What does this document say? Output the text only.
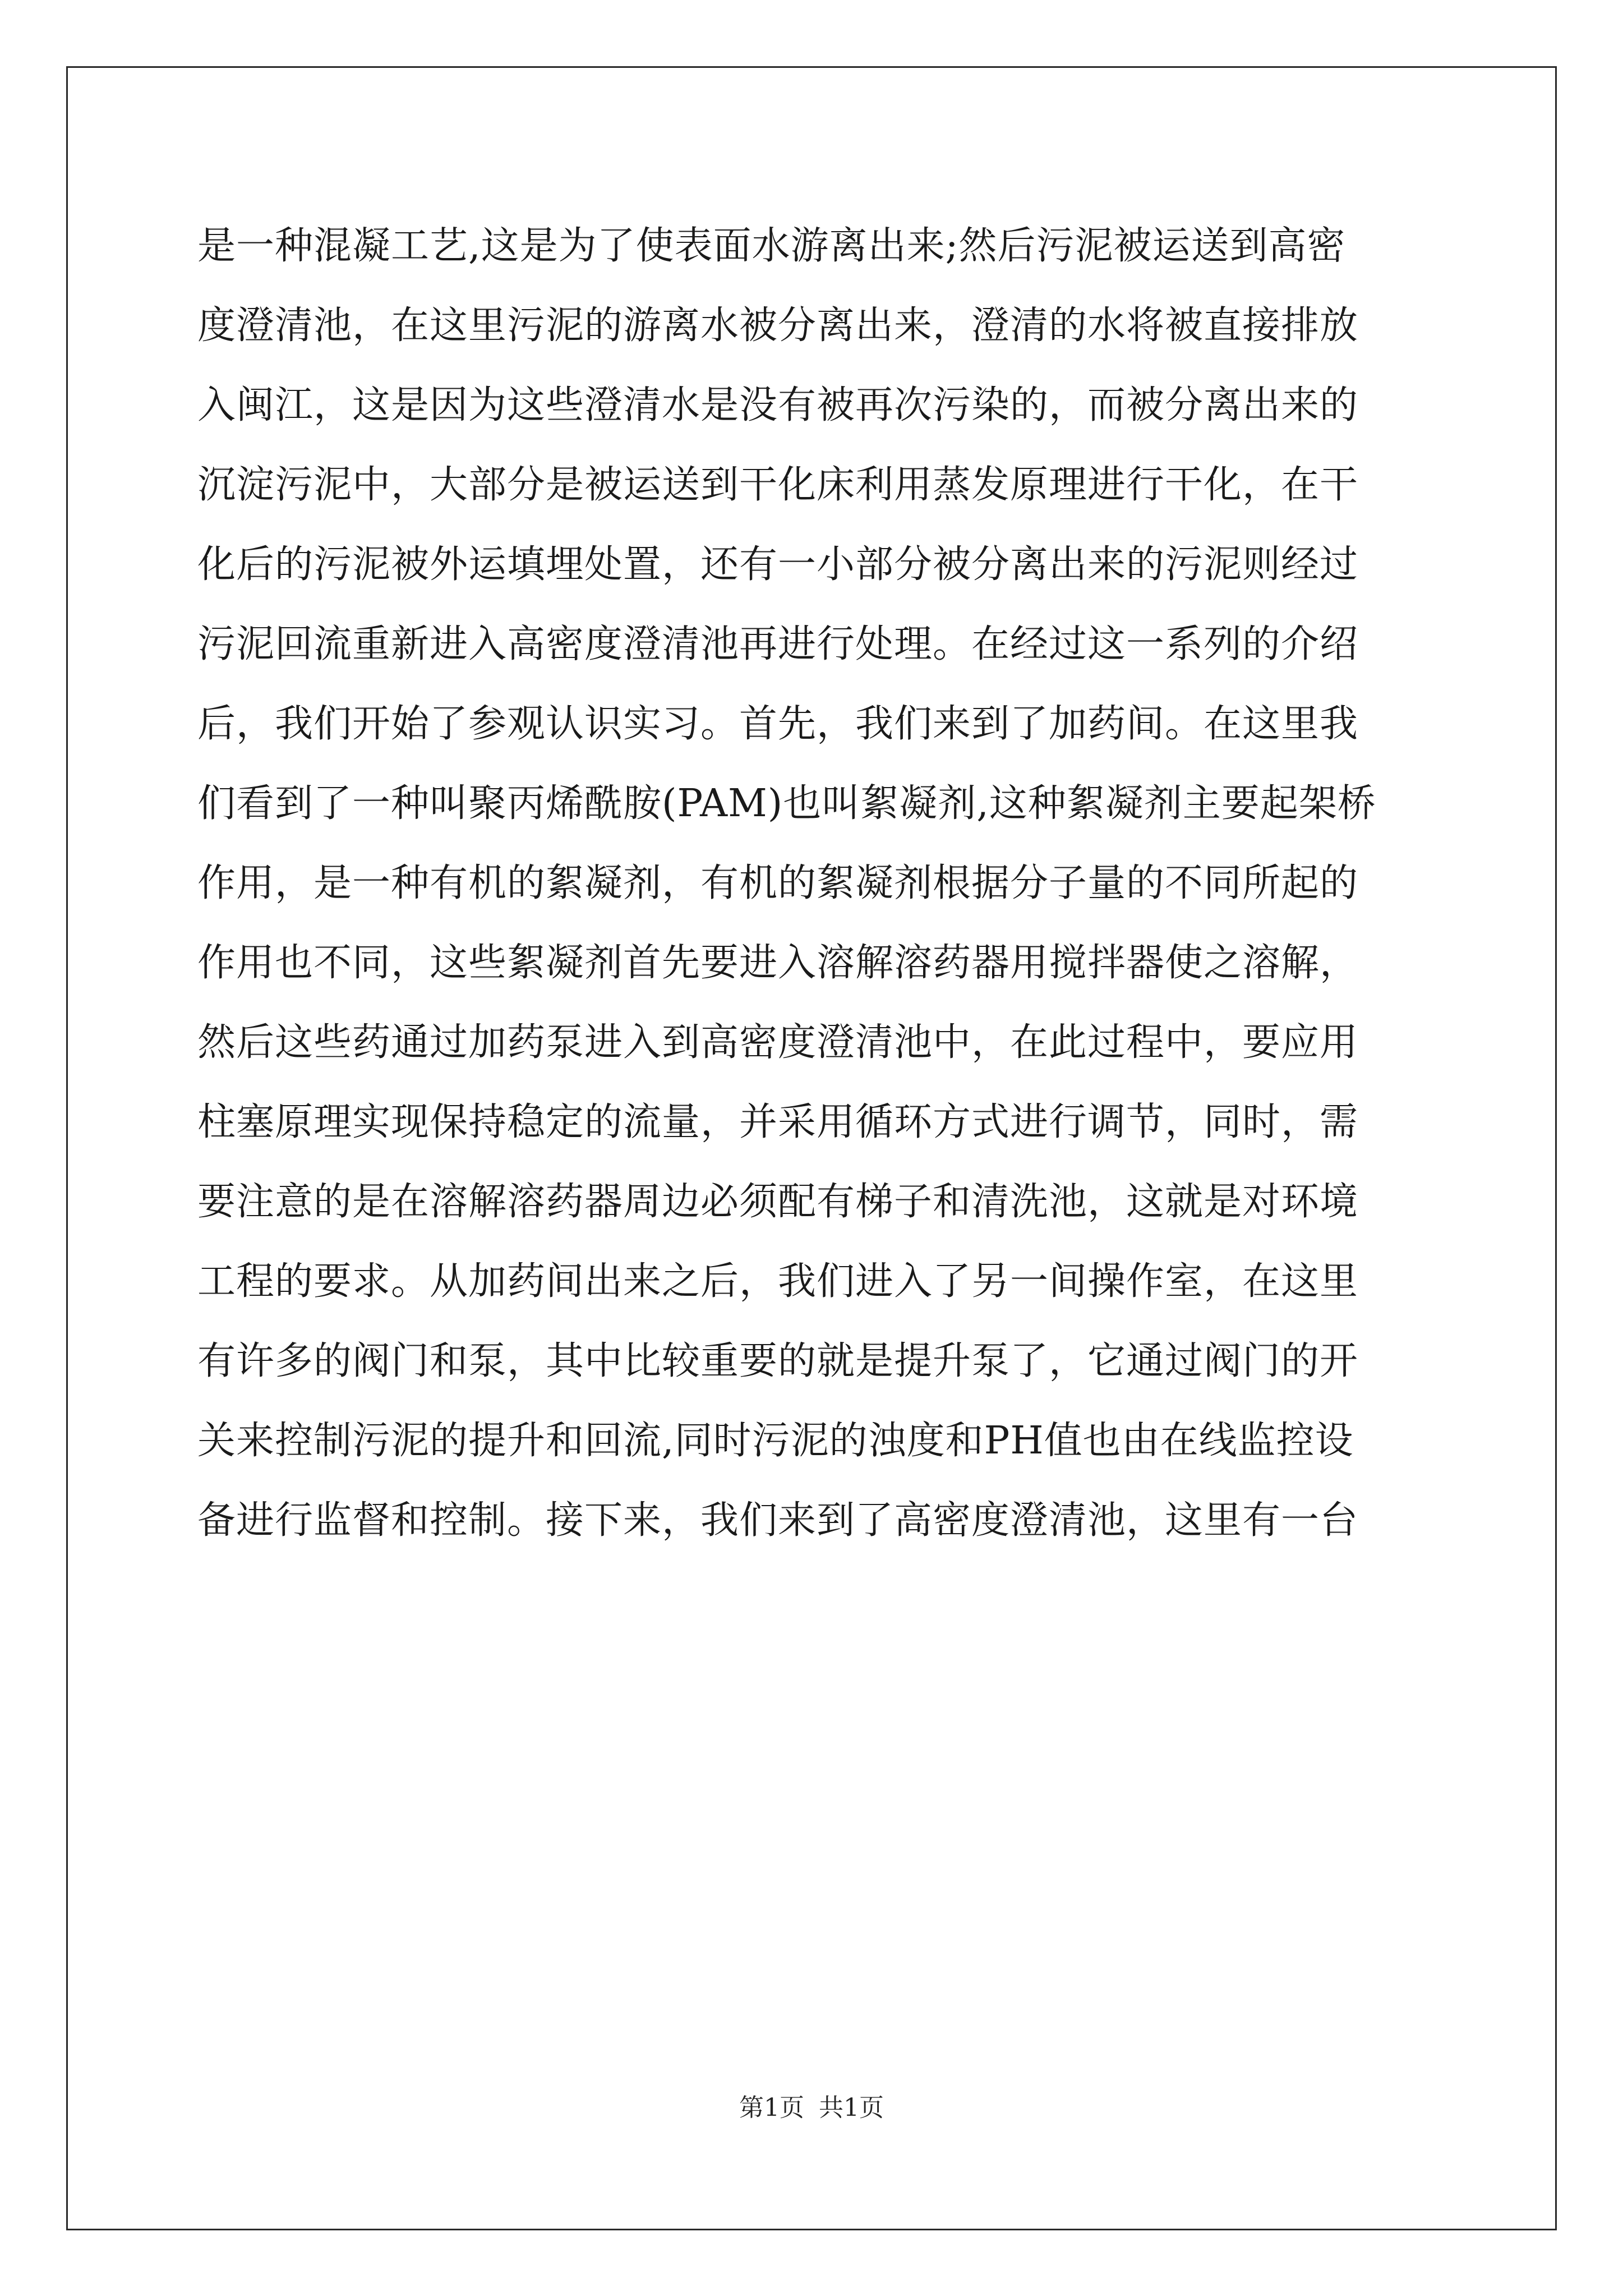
是一种混凝工艺,这是为了使表面水游离出来;然后污泥被运送到高密
度澄清池，在这里污泥的游离水被分离出来，澄清的水将被直接排放
入闽江，这是因为这些澄清水是没有被再次污染的，而被分离出来的
沉淀污泥中，大部分是被运送到干化床利用蒸发原理进行干化，在干
化后的污泥被外运填埋处置，还有一小部分被分离出来的污泥则经过
污泥回流重新进入高密度澄清池再进行处理。在经过这一系列的介绍
后，我们开始了参观认识实习。首先，我们来到了加药间。在这里我
们看到了一种叫聚丙烯酰胺(PAM)也叫絮凝剂,这种絮凝剂主要起架桥
作用，是一种有机的絮凝剂，有机的絮凝剂根据分子量的不同所起的
作用也不同，这些絮凝剂首先要进入溶解溶药器用搅拌器使之溶解，
然后这些药通过加药泵进入到高密度澄清池中，在此过程中，要应用
柱塞原理实现保持稳定的流量，并采用循环方式进行调节，同时，需
要注意的是在溶解溶药器周边必须配有梯子和清洗池，这就是对环境
工程的要求。从加药间出来之后，我们进入了另一间操作室，在这里
有许多的阀门和泵，其中比较重要的就是提升泵了，它通过阀门的开
关来控制污泥的提升和回流,同时污泥的浊度和PH值也由在线监控设
备进行监督和控制。接下来，我们来到了高密度澄清池，这里有一台
第1页 共1页
